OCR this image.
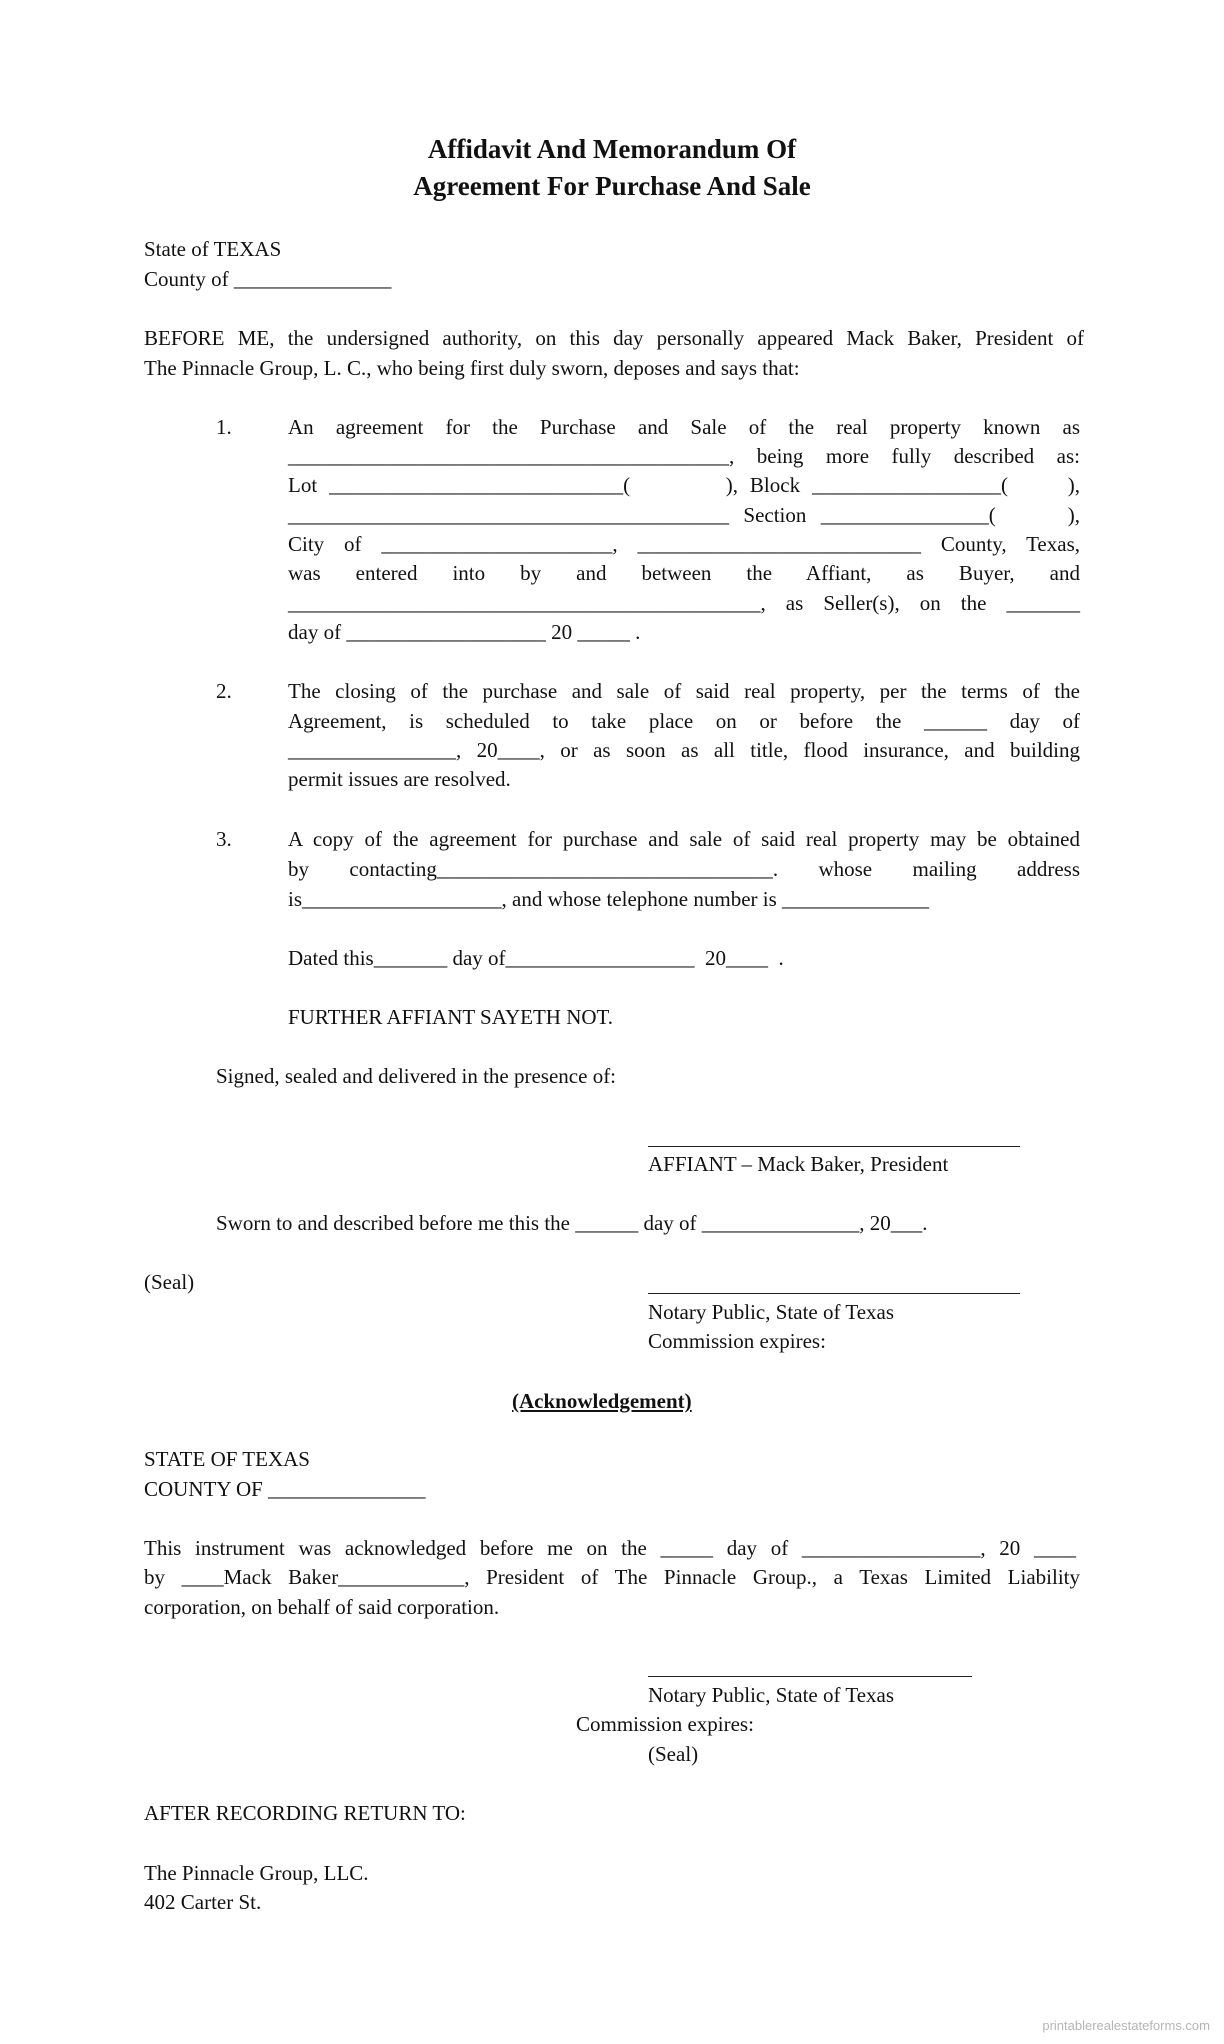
Affidavit And Memorandum Of
Agreement For Purchase And Sale
State of TEXAS
County of _______________
BEFORE ME, the undersigned authority, on this day personally appeared Mack Baker, President of
The Pinnacle Group, L. C., who being first duly sworn, deposes and says that:
1.	An agreement for the Purchase and Sale of the real property known as
__________________________________________, being more fully described as:
Lot ____________________________(        ), Block __________________(     ),
__________________________________________ Section ________________(     ),
City of ______________________, ___________________________ County, Texas,
was entered into by and between the Affiant, as Buyer, and
_____________________________________________, as Seller(s), on the _______
day of ___________________ 20 _____ .
2.	The closing of the purchase and sale of said real property, per the terms of the
Agreement, is scheduled to take place on or before the ______ day of
________________, 20____, or as soon as all title, flood insurance, and building
permit issues are resolved.
3.	A copy of the agreement for purchase and sale of said real property may be obtained
by contacting________________________________. whose mailing address
is___________________, and whose telephone number is ______________
Dated this_______ day of__________________  20____  .
FURTHER AFFIANT SAYETH NOT.
Signed, sealed and delivered in the presence of:
AFFIANT – Mack Baker, President
Sworn to and described before me this the ______ day of _______________, 20___.
(Seal)
Notary Public, State of Texas
Commission expires:
(Acknowledgement)
STATE OF TEXAS
COUNTY OF _______________
This instrument was acknowledged before me on the _____ day of _________________, 20 ____
by ____Mack Baker____________, President of The Pinnacle Group., a Texas Limited Liability
corporation, on behalf of said corporation.
Notary Public, State of Texas
Commission expires:
(Seal)
AFTER RECORDING RETURN TO:
The Pinnacle Group, LLC.
402 Carter St.
printablerealestateforms.com
